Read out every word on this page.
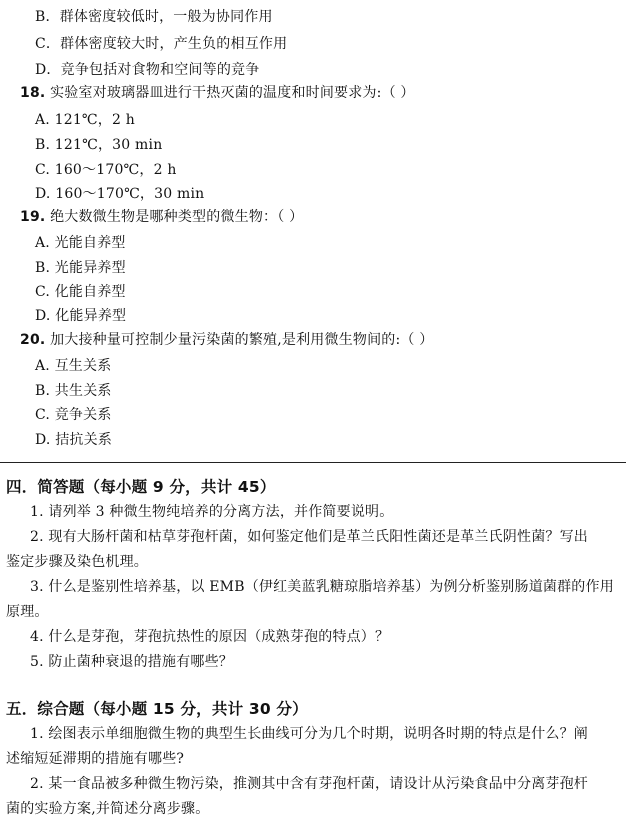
B．群体密度较低时，一般为协同作用
C．群体密度较大时，产生负的相互作用
D．竞争包括对食物和空间等的竞争
18. 实验室对玻璃器皿进行干热灭菌的温度和时间要求为:（ ）
A. 121℃，2 h
B. 121℃，30 min
C. 160～170℃，2 h
D. 160～170℃，30 min
19. 绝大数微生物是哪种类型的微生物：（ ）
A. 光能自养型
B. 光能异养型
C. 化能自养型
D. 化能异养型
20. 加大接种量可控制少量污染菌的繁殖,是利用微生物间的:（ ）
A. 互生关系
B. 共生关系
C. 竞争关系
D. 拮抗关系
四．简答题（每小题 9 分，共计 45）
1. 请列举 3 种微生物纯培养的分离方法，并作简要说明。
2. 现有大肠杆菌和枯草芽孢杆菌，如何鉴定他们是革兰氏阳性菌还是革兰氏阴性菌？写出
鉴定步骤及染色机理。
3. 什么是鉴别性培养基，以 EMB（伊红美蓝乳糖琼脂培养基）为例分析鉴别肠道菌群的作用
原理。
4. 什么是芽孢，芽孢抗热性的原因（成熟芽孢的特点）？
5. 防止菌种衰退的措施有哪些？
五．综合题（每小题 15 分，共计 30 分）
1. 绘图表示单细胞微生物的典型生长曲线可分为几个时期，说明各时期的特点是什么？阐
述缩短延滞期的措施有哪些?
2. 某一食品被多种微生物污染，推测其中含有芽孢杆菌，请设计从污染食品中分离芽孢杆
菌的实验方案,并简述分离步骤。
